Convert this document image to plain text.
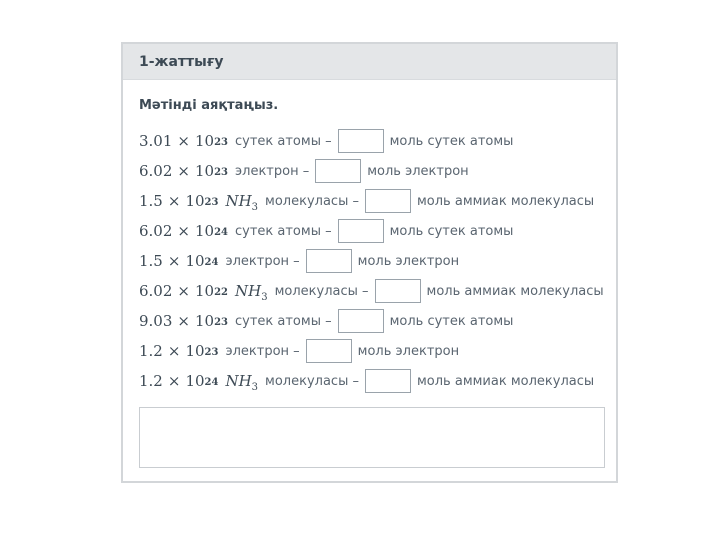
1-жаттығу
Мәтінді аяқтаңыз.
$3.01 \times 10^{23}$ сутек атомы –	моль сутек атомы
$6.02 \times 10^{23}$ электрон –	моль электрон
$1.5 \times 10^{23}$ $NH_3$ молекуласы –	моль аммиак молекуласы
$6.02 \times 10^{24}$ сутек атомы –	моль сутек атомы
$1.5 \times 10^{24}$ электрон –	моль электрон
$6.02 \times 10^{22}$ $NH_3$ молекуласы –	моль аммиак молекуласы
$9.03 \times 10^{23}$ сутек атомы –	моль сутек атомы
$1.2 \times 10^{23}$ электрон –	моль электрон
$1.2 \times 10^{24}$ $NH_3$ молекуласы –	моль аммиак молекуласы
